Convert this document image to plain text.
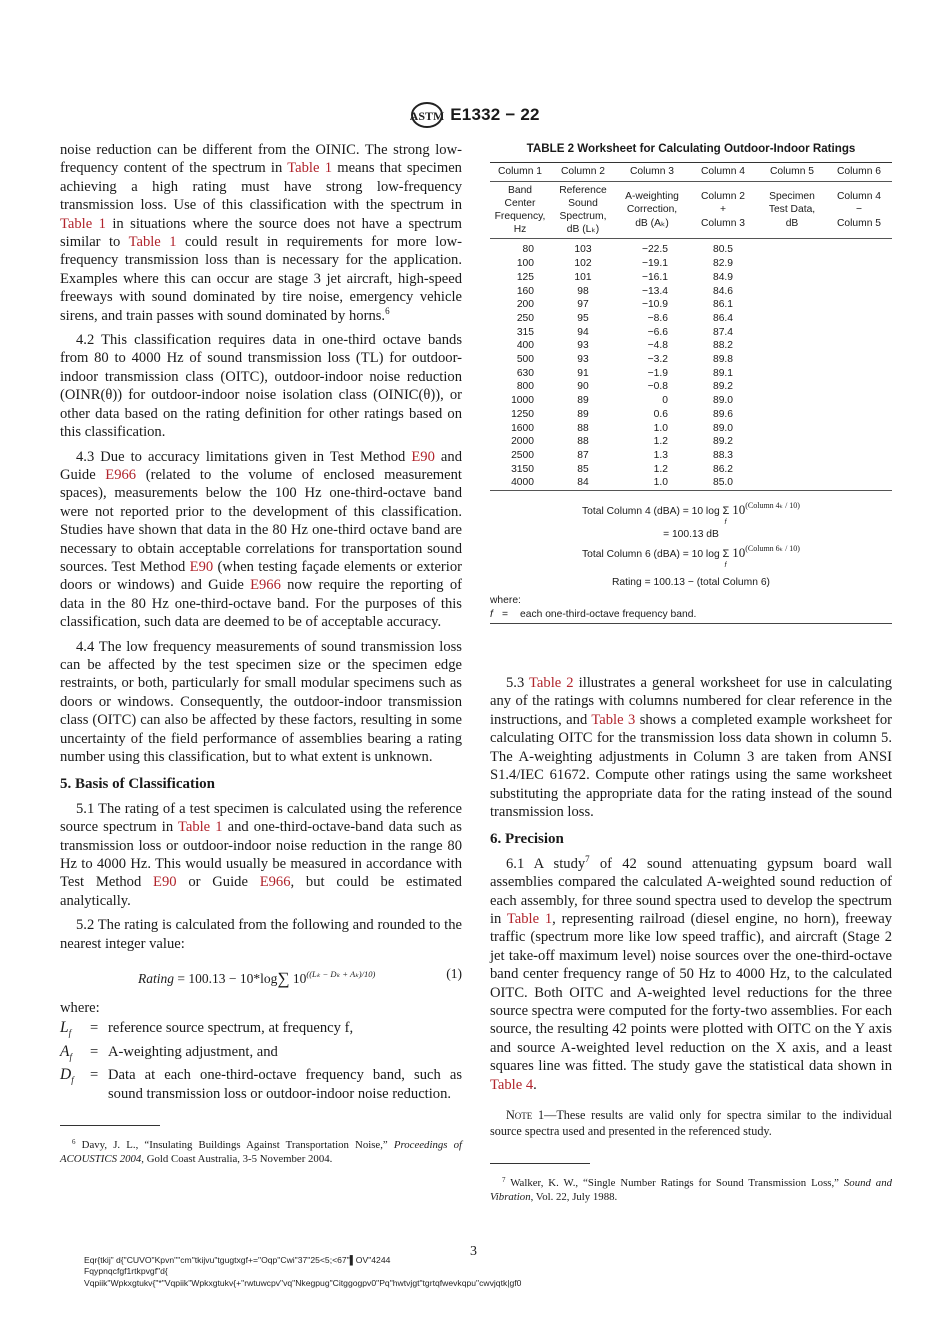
ASTM E1332 − 22

noise reduction can be different from the OINIC. The strong low-frequency content of the spectrum in Table 1 means that specimen achieving a high rating must have strong low-frequency transmission loss. Use of this classification with the spectrum in Table 1 in situations where the source does not have a spectrum similar to Table 1 could result in requirements for more low-frequency transmission loss than is necessary for the application. Examples where this can occur are stage 3 jet aircraft, high-speed freeways with sound dominated by tire noise, emergency vehicle sirens, and train passes with sound dominated by horns.$^6$

4.2 This classification requires data in one-third octave bands from 80 to 4000 Hz of sound transmission loss (TL) for outdoor-indoor transmission class (OITC), outdoor-indoor noise reduction (OINR(θ)) for outdoor-indoor noise isolation class (OINIC(θ)), or other data based on the rating definition for other ratings based on this classification.

4.3 Due to accuracy limitations given in Test Method E90 and Guide E966 (related to the volume of enclosed measurement spaces), measurements below the 100 Hz one-third-octave band were not reported prior to the development of this classification. Studies have shown that data in the 80 Hz one-third octave band are necessary to obtain acceptable correlations for transportation sound sources. Test Method E90 (when testing façade elements or exterior doors or windows) and Guide E966 now require the reporting of data in the 80 Hz one-third-octave band. For the purposes of this classification, such data are deemed to be of acceptable accuracy.

4.4 The low frequency measurements of sound transmission loss can be affected by the test specimen size or the specimen edge restraints, or both, particularly for small modular specimens such as doors or windows. Consequently, the outdoor-indoor transmission class (OITC) can also be affected by these factors, resulting in some uncertainty of the field performance of assemblies bearing a rating number using this classification, but to what extent is unknown.

5. Basis of Classification

5.1 The rating of a test specimen is calculated using the reference source spectrum in Table 1 and one-third-octave-band data such as transmission loss or outdoor-indoor noise reduction in the range 80 Hz to 4000 Hz. This would usually be measured in accordance with Test Method E90 or Guide E966, but could be estimated analytically.

5.2 The rating is calculated from the following and rounded to the nearest integer value:

Rating = 100.13 − 10*log∑ $10^{((L_k - D_k + A_k)/10)}$	(1)

where:

$L_f$	= reference source spectrum, at frequency f,
$A_f$	= A-weighting adjustment, and
$D_f$	= Data at each one-third-octave frequency band, such as sound transmission loss or outdoor-indoor noise reduction.

$^6$ Davy, J. L., “Insulating Buildings Against Transportation Noise,” Proceedings of ACOUSTICS 2004, Gold Coast Australia, 3-5 November 2004.

TABLE 2 Worksheet for Calculating Outdoor-Indoor Ratings
Column 1	Column 2	Column 3	Column 4	Column 5	Column 6
Band
Center
Frequency,
Hz	Reference
Sound
Spectrum,
dB (Lₖ)	A-weighting
Correction,
dB (Aₖ)	Column 2
+
Column 3	Specimen
Test Data,
dB	Column 4
−
Column 5
80	103	−22.5	80.5		
100	102	−19.1	82.9		
125	101	−16.1	84.9		
160	98	−13.4	84.6		
200	97	−10.9	86.1		
250	95	−8.6	86.4		
315	94	−6.6	87.4		
400	93	−4.8	88.2		
500	93	−3.2	89.8		
630	91	−1.9	89.1		
800	90	−0.8	89.2		
1000	89	0	89.0		
1250	89	0.6	89.6		
1600	88	1.0	89.0		
2000	88	1.2	89.2		
2500	87	1.3	88.3		
3150	85	1.2	86.2		
4000	84	1.0	85.0		
Total Column 4 (dBA) = 10 log Σ
f
$10^{(Column 4_k / 10)}$
= 100.13 dB
Total Column 6 (dBA) = 10 log Σ
f
$10^{(Column 6_k / 10)}$
Rating = 100.13 − (total Column 6)
where:
f =	each one-third-octave frequency band.

5.3 Table 2 illustrates a general worksheet for use in calculating any of the ratings with columns numbered for clear reference in the instructions, and Table 3 shows a completed example worksheet for calculating OITC for the transmission loss data shown in column 5. The A-weighting adjustments in Column 3 are taken from ANSI S1.4/IEC 61672. Compute other ratings using the same worksheet substituting the appropriate data for the rating instead of the sound transmission loss.

6. Precision

6.1 A study$^7$ of 42 sound attenuating gypsum board wall assemblies compared the calculated A-weighted sound reduction of each assembly, for three sound spectra used to develop the spectrum in Table 1, representing railroad (diesel engine, no horn), freeway traffic (spectrum more like low speed traffic), and aircraft (Stage 2 jet take-off maximum level) noise sources over the one-third-octave band center frequency range of 50 Hz to 4000 Hz, to the calculated OITC. Both OITC and A-weighted level reductions for the three source spectra were computed for the forty-two assemblies. For each source, the resulting 42 points were plotted with OITC on the Y axis and source A-weighted level reduction on the X axis, and a least squares line was fitted. The study gave the statistical data shown in Table 4.

Note 1—These results are valid only for spectra similar to the individual source spectra used and presented in the referenced study.

$^7$ Walker, K. W., “Single Number Ratings for Sound Transmission Loss,” Sound and Vibration, Vol. 22, July 1988.

3
Eqr{tkij” d{"CUVO"Kpvn""cm"tkijvu"tgugtxgf+="Oqp"Cwi"37"25<5;<67"▌OV"4244
Fqypnqcfgf1rtkpvgf"d{
Vqpiik"Wpkxgtukv{"*"Vqpiik"Wpkxgtukv{+"rwtuwcpv"vq"Nkegpug"Citggogpv0"Pq"hwtvjgt"tgrtqfwevkqpu"cwvjqtk|gf0
